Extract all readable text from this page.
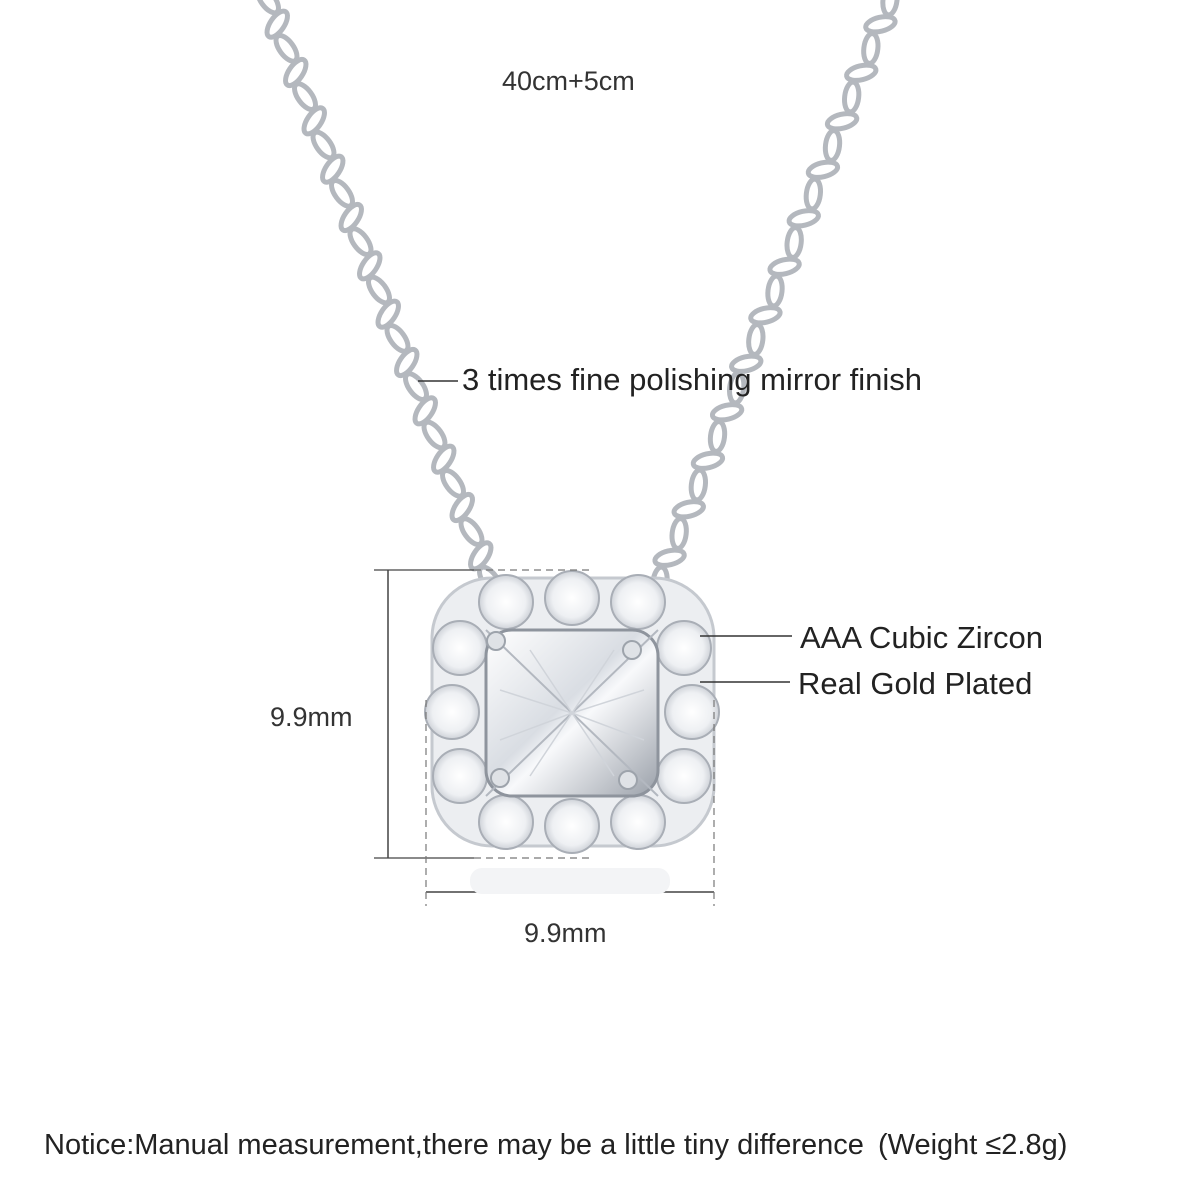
40cm+5cm
3 times fine polishing mirror finish
AAA Cubic Zircon
Real Gold Plated
9.9mm
9.9mm
Notice:Manual measurement,there may be a little tiny difference (Weight ≤2.8g)
